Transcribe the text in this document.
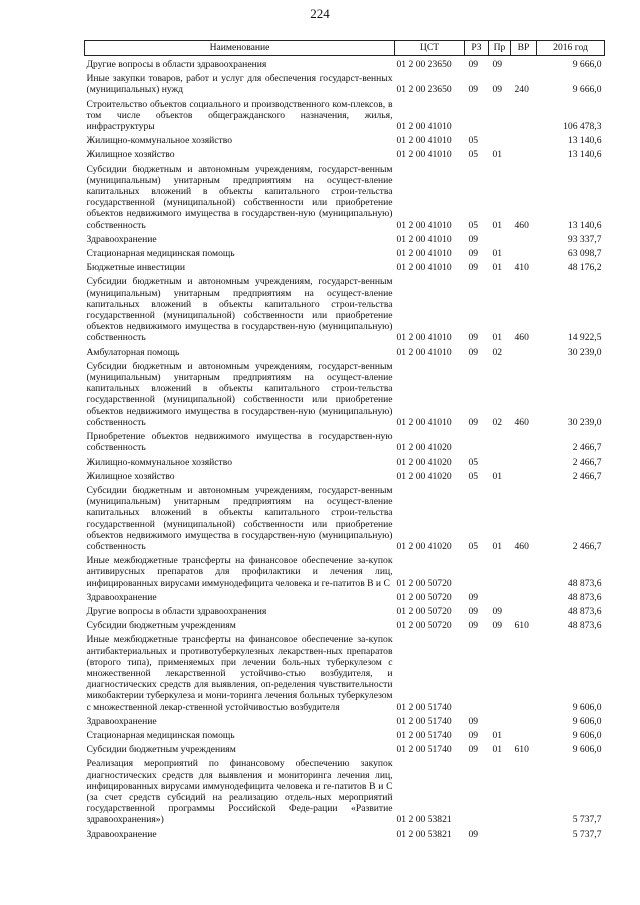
224
Наименование	ЦСТ	РЗ	Пр	ВР	2016 год
Другие вопросы в области здравоохранения	01 2 00 23650	09	09		9 666,0
Иные закупки товаров, работ и услуг для обеспечения государст-венных (муниципальных) нужд	01 2 00 23650	09	09	240	9 666,0
Строительство объектов социального и производственного ком-плексов, в том числе объектов общегражданского назначения, жилья, инфраструктуры	01 2 00 41010				106 478,3
Жилищно-коммунальное хозяйство	01 2 00 41010	05			13 140,6
Жилищное хозяйство	01 2 00 41010	05	01		13 140,6
Субсидии бюджетным и автономным учреждениям, государст-венным (муниципальным) унитарным предприятиям на осущест-вление капитальных вложений в объекты капитального строи-тельства государственной (муниципальной) собственности или приобретение объектов недвижимого имущества в государствен-ную (муниципальную) собственность	01 2 00 41010	05	01	460	13 140,6
Здравоохранение	01 2 00 41010	09			93 337,7
Стационарная медицинская помощь	01 2 00 41010	09	01		63 098,7
Бюджетные инвестиции	01 2 00 41010	09	01	410	48 176,2
Субсидии бюджетным и автономным учреждениям, государст-венным (муниципальным) унитарным предприятиям на осущест-вление капитальных вложений в объекты капитального строи-тельства государственной (муниципальной) собственности или приобретение объектов недвижимого имущества в государствен-ную (муниципальную) собственность	01 2 00 41010	09	01	460	14 922,5
Амбулаторная помощь	01 2 00 41010	09	02		30 239,0
Субсидии бюджетным и автономным учреждениям, государст-венным (муниципальным) унитарным предприятиям на осущест-вление капитальных вложений в объекты капитального строи-тельства государственной (муниципальной) собственности или приобретение объектов недвижимого имущества в государствен-ную (муниципальную) собственность	01 2 00 41010	09	02	460	30 239,0
Приобретение объектов недвижимого имущества в государствен-ную собственность	01 2 00 41020				2 466,7
Жилищно-коммунальное хозяйство	01 2 00 41020	05			2 466,7
Жилищное хозяйство	01 2 00 41020	05	01		2 466,7
Субсидии бюджетным и автономным учреждениям, государст-венным (муниципальным) унитарным предприятиям на осущест-вление капитальных вложений в объекты капитального строи-тельства государственной (муниципальной) собственности или приобретение объектов недвижимого имущества в государствен-ную (муниципальную) собственность	01 2 00 41020	05	01	460	2 466,7
Иные межбюджетные трансферты на финансовое обеспечение за-купок антивирусных препаратов для профилактики и лечения лиц, инфицированных вирусами иммунодефицита человека и ге-патитов В и С	01 2 00 50720				48 873,6
Здравоохранение	01 2 00 50720	09			48 873,6
Другие вопросы в области здравоохранения	01 2 00 50720	09	09		48 873,6
Субсидии бюджетным учреждениям	01 2 00 50720	09	09	610	48 873,6
Иные межбюджетные трансферты на финансовое обеспечение за-купок антибактериальных и противотуберкулезных лекарствен-ных препаратов (второго типа), применяемых при лечении боль-ных туберкулезом с множественной лекарственной устойчиво-стью возбудителя, и диагностических средств для выявления, оп-ределения чувствительности микобактерии туберкулеза и мони-торинга лечения больных туберкулезом с множественной лекар-ственной устойчивостью возбудителя	01 2 00 51740				9 606,0
Здравоохранение	01 2 00 51740	09			9 606,0
Стационарная медицинская помощь	01 2 00 51740	09	01		9 606,0
Субсидии бюджетным учреждениям	01 2 00 51740	09	01	610	9 606,0
Реализация мероприятий по финансовому обеспечению закупок диагностических средств для выявления и мониторинга лечения лиц, инфицированных вирусами иммунодефицита человека и ге-патитов В и С (за счет средств субсидий на реализацию отдель-ных мероприятий государственной программы Российской Феде-рации «Развитие здравоохранения»)	01 2 00 53821				5 737,7
Здравоохранение	01 2 00 53821	09			5 737,7
